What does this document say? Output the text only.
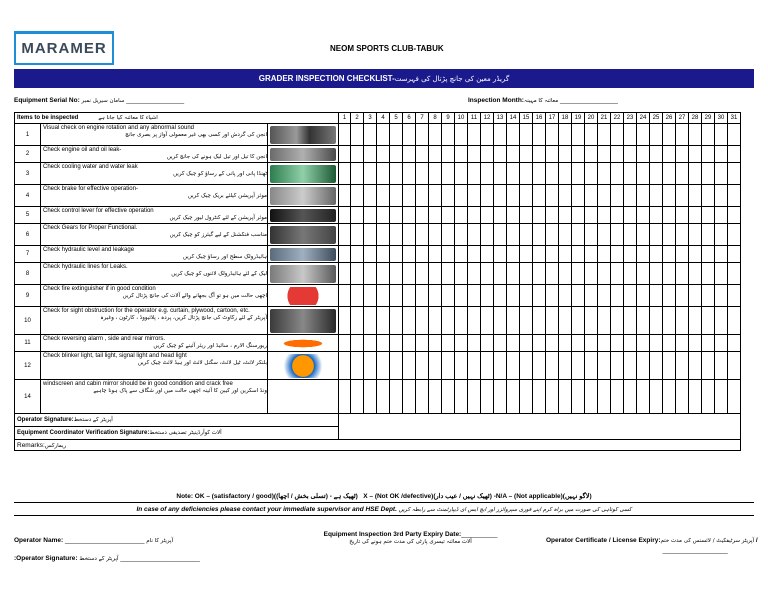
MARAMER	NEOM SPORTS CLUB-TABUK
GRADER INSPECTION CHECKLIST-گریڈر معین کی جانچ پڑتال کی فہرست
Equipment Serial No: سامان سیریل نمبر ________________	Inspection Month:معائنہ کا مہینہ ________________
Items to be inspected اشیاء کا معائنہ کیا جانا ہے			1	2	3	4	5	6	7	8	9	10	11	12	13	14	15	16	17	18	19	20	21	22	23	24	25	26	27	28	29	30	31
1	Visual check on engine rotation and any abnormal sound
انجن کی گردش اور کسی بھی غیر معمولی آواز پر بصری جانچ																																

2	Check engine oil and oil leak-
انجن کا تیل اور تیل لیک ہونے کی جانچ کریں																																

3	Check cooling water and water leak
ٹھنڈا پانی اور پانی کے رساؤ کو چیک کریں																																

4	Check brake for effective operation-
موثر آپریشن کیلئے بریک چیک کریں																																

5	Check control lever for effective operation
موثر آپریشن کے لئے کنٹرول لیور چیک کریں																																

6	Check Gears for Proper Functional.
مناسب فنکشنل کے لیے گیئرز کو چیک کریں																																

7	Check hydraulic level and leakage
ہائیڈرولک سطح اور رساؤ چیک کریں																																

8	Check hydraulic lines for Leaks.
لیک کے لئے ہائیڈرولک لائنوں کو چیک کریں																																

9	Check fire extinguisher if in good condition
اچھی حالت میں ہو تو آگ بجھانے والے آلات کی جانچ پڑتال کریں																																

10	Check for sight obstruction for the operator e.g. curtain, plywood, cartoon, etc.
آپریٹر کے لئے رکاوٹ کی جانچ پڑتال کریں، پردہ ، پلائیووڈ ، کارٹون ، وغیرہ																																

11	Check reversing alarm , side and rear mirrors.
ریورسنگ الارم ، سائیڈ اور ریئر آئینے کو چیک کریں																																

12	Check blinker light, tail light, signal light and head light
بلنکر لائٹ، ٹیل لائٹ، سگنل لائٹ اور ہیڈ لائٹ چیک کریں																																

14	windscreen and cabin mirror should be in good condition and crack free
ونڈ اسکرین اور کیبن کا آئینہ اچھی حالت میں اور شگاف سے پاک ہونا چاہیے																																

Operator Signature:آپریٹر کے دستخط																																	
Equipment Coordinator Verification Signature:آلات کوآرڈینیٹر تصدیقی دستخط																																	
Remarks:ریمارکس																																	
Note: OK – (satisfactory / good)(ٹھیک ہے - (تسلی بخش / اچھا)) X – (Not OK /defective)(ٹھیک نہیں / عیب دار) -N/A – (Not applicable)(لاگو نہیں)
In case of any deficiencies please contact your immediate supervisor and HSE Dept. کسی کوتاہی کی صورت میں براہ کرم اپنے فوری سپروائزر اور ایچ ایس ای ڈیپارٹمنٹ سے رابطہ کریں
Operator Name: ______________________ آپریٹر کا نام
:Operator Signature: آپریٹر کے دستخط ______________________
Equipment Inspection 3rd Party Expiry Date:__________
آلات معائنہ تیسری پارٹی کی مدت ختم ہونے کی تاریخ	Operator Certificate / License Expiry:آپریٹر سرٹیفکیٹ / لائسنس کی مدت ختم /
__________________
